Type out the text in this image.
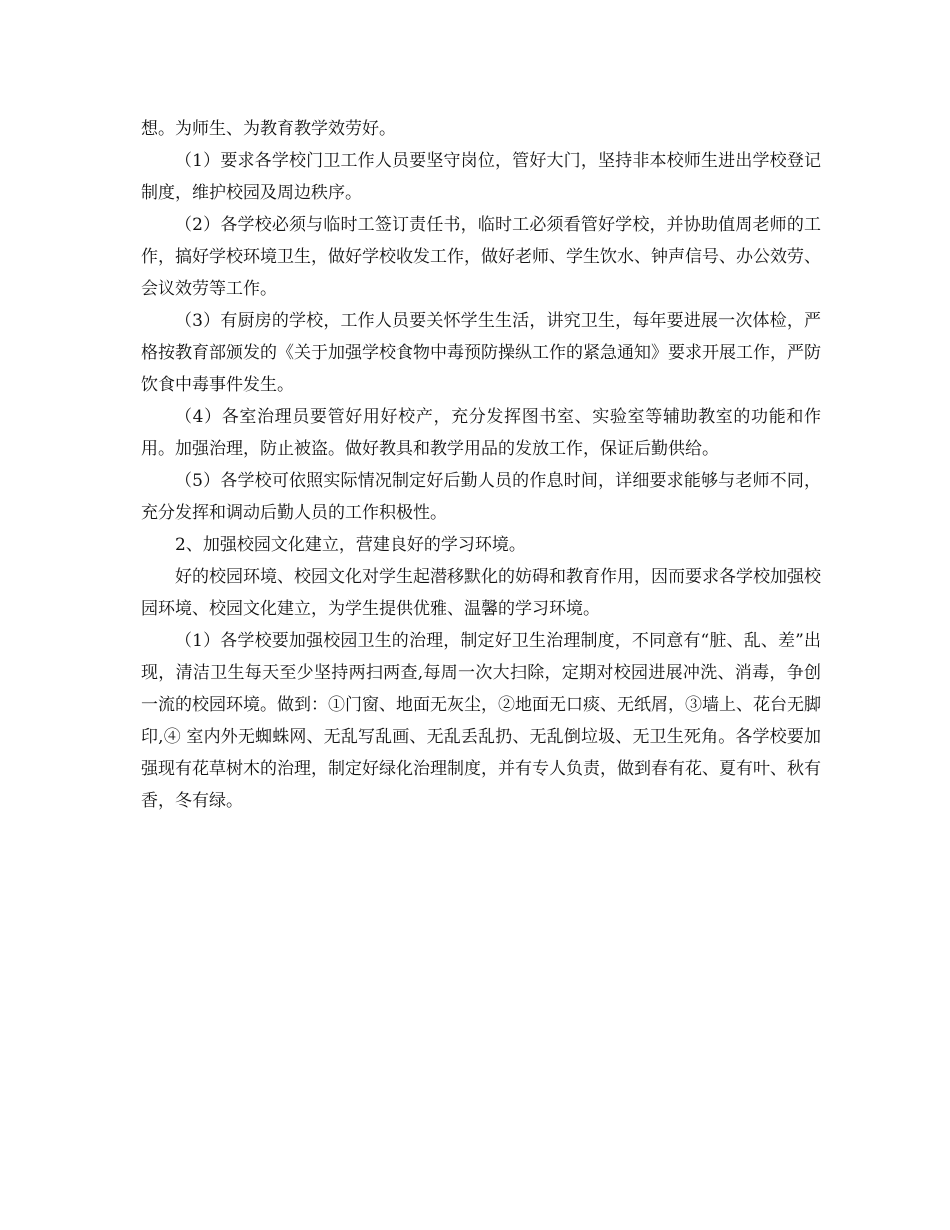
想。为师生、为教育教学效劳好。

（1）要求各学校门卫工作人员要坚守岗位，管好大门，坚持非本校师生进出学校登记制度，维护校园及周边秩序。

（2）各学校必须与临时工签订责任书，临时工必须看管好学校，并协助值周老师的工作，搞好学校环境卫生，做好学校收发工作，做好老师、学生饮水、钟声信号、办公效劳、会议效劳等工作。

（3）有厨房的学校，工作人员要关怀学生生活，讲究卫生，每年要进展一次体检，严格按教育部颁发的《关于加强学校食物中毒预防操纵工作的紧急通知》要求开展工作，严防饮食中毒事件发生。

（4）各室治理员要管好用好校产，充分发挥图书室、实验室等辅助教室的功能和作用。加强治理，防止被盗。做好教具和教学用品的发放工作，保证后勤供给。

（5）各学校可依照实际情况制定好后勤人员的作息时间，详细要求能够与老师不同，充分发挥和调动后勤人员的工作积极性。

2、加强校园文化建立，营建良好的学习环境。

好的校园环境、校园文化对学生起潜移默化的妨碍和教育作用，因而要求各学校加强校园环境、校园文化建立，为学生提供优雅、温馨的学习环境。

（1）各学校要加强校园卫生的治理，制定好卫生治理制度，不同意有“脏、乱、差”出现，清洁卫生每天至少坚持两扫两查,每周一次大扫除，定期对校园进展冲洗、消毒，争创一流的校园环境。做到：①门窗、地面无灰尘，②地面无口痰、无纸屑，③墙上、花台无脚印,④ 室内外无蜘蛛网、无乱写乱画、无乱丢乱扔、无乱倒垃圾、无卫生死角。各学校要加强现有花草树木的治理，制定好绿化治理制度，并有专人负责，做到春有花、夏有叶、秋有香，冬有绿。
